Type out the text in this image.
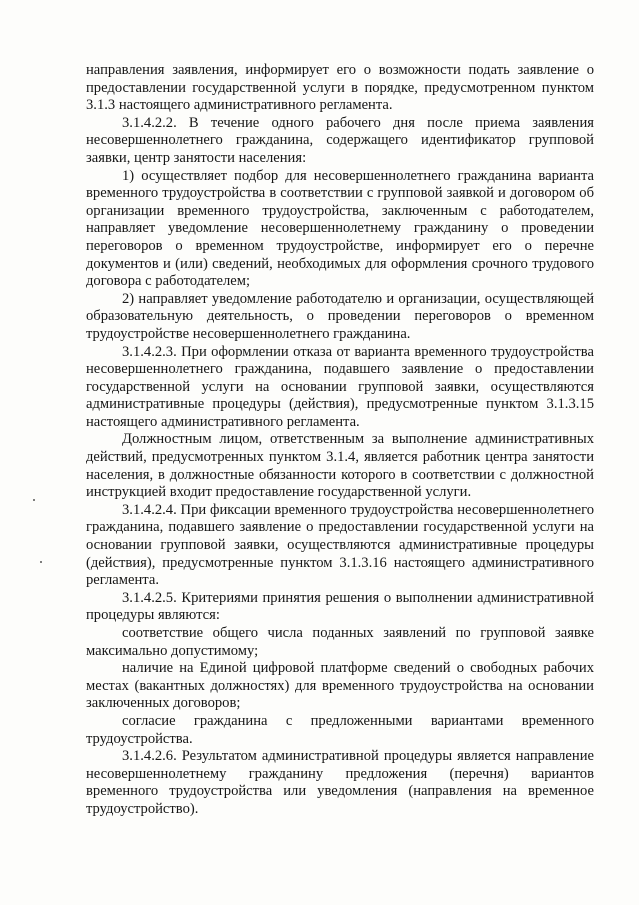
направления заявления, информирует его о возможности подать заявление о предоставлении государственной услуги в порядке, предусмотренном пунктом 3.1.3 настоящего административного регламента.

3.1.4.2.2. В течение одного рабочего дня после приема заявления несовершеннолетнего гражданина, содержащего идентификатор групповой заявки, центр занятости населения:

1) осуществляет подбор для несовершеннолетнего гражданина варианта временного трудоустройства в соответствии с групповой заявкой и договором об организации временного трудоустройства, заключенным с работодателем, направляет уведомление несовершеннолетнему гражданину о проведении переговоров о временном трудоустройстве, информирует его о перечне документов и (или) сведений, необходимых для оформления срочного трудового договора с работодателем;

2) направляет уведомление работодателю и организации, осуществляющей образовательную деятельность, о проведении переговоров о временном трудоустройстве несовершеннолетнего гражданина.

3.1.4.2.3. При оформлении отказа от варианта временного трудоустройства несовершеннолетнего гражданина, подавшего заявление о предоставлении государственной услуги на основании групповой заявки, осуществляются административные процедуры (действия), предусмотренные пунктом 3.1.3.15 настоящего административного регламента.

Должностным лицом, ответственным за выполнение административных действий, предусмотренных пунктом 3.1.4, является работник центра занятости населения, в должностные обязанности которого в соответствии с должностной инструкцией входит предоставление государственной услуги.

3.1.4.2.4. При фиксации временного трудоустройства несовершеннолетнего гражданина, подавшего заявление о предоставлении государственной услуги на основании групповой заявки, осуществляются административные процедуры (действия), предусмотренные пунктом 3.1.3.16 настоящего административного регламента.

3.1.4.2.5. Критериями принятия решения о выполнении административной процедуры являются:

соответствие общего числа поданных заявлений по групповой заявке максимально допустимому;

наличие на Единой цифровой платформе сведений о свободных рабочих местах (вакантных должностях) для временного трудоустройства на основании заключенных договоров;

согласие гражданина с предложенными вариантами временного трудоустройства.

3.1.4.2.6. Результатом административной процедуры является направление несовершеннолетнему гражданину предложения (перечня) вариантов временного трудоустройства или уведомления (направления на временное трудоустройство).
